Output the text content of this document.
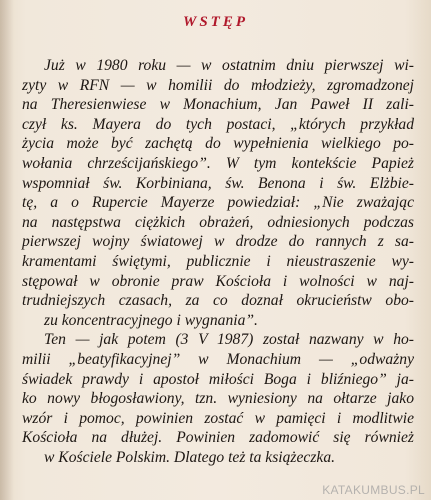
WSTĘP
Już w 1980 roku — w ostatnim dniu pierwszej wi-
zyty w RFN — w homilii do młodzieży, zgromadzonej
na Theresienwiese w Monachium, Jan Paweł II zali-
czył ks. Mayera do tych postaci, „których przykład
życia może być zachętą do wypełnienia wielkiego po-
wołania chrześcijańskiego”. W tym kontekście Papież
wspomniał św. Korbiniana, św. Benona i św. Elżbie-
tę, a o Rupercie Mayerze powiedział: „Nie zważając
na następstwa ciężkich obrażeń, odniesionych podczas
pierwszej wojny światowej w drodze do rannych z sa-
kramentami świętymi, publicznie i nieustraszenie wy-
stępował w obronie praw Kościoła i wolności w naj-
trudniejszych czasach, za co doznał okrucieństw obo-
zu koncentracyjnego i wygnania”.
Ten — jak potem (3 V 1987) został nazwany w ho-
milii „beatyfikacyjnej” w Monachium — „odważny
świadek prawdy i apostoł miłości Boga i bliźniego” ja-
ko nowy błogosławiony, tzn. wyniesiony na ołtarze jako
wzór i pomoc, powinien zostać w pamięci i modlitwie
Kościoła na dłużej. Powinien zadomowić się również
w Kościele Polskim. Dlatego też ta książeczka.
KATAKUMBUS.PL
